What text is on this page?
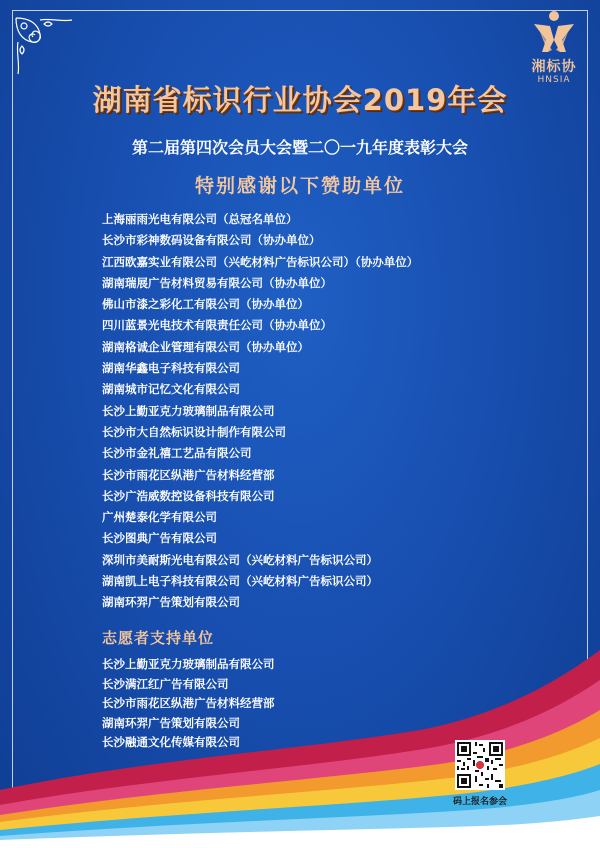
湘标协
HNSIA
湖南省标识行业协会2019年会
第二届第四次会员大会暨二〇一九年度表彰大会
特别感谢以下赞助单位
上海丽雨光电有限公司（总冠名单位）
长沙市彩神数码设备有限公司（协办单位）
江西欧嘉实业有限公司（兴屹材料广告标识公司）（协办单位）
湖南瑞展广告材料贸易有限公司（协办单位）
佛山市漆之彩化工有限公司（协办单位）
四川蓝景光电技术有限责任公司（协办单位）
湖南格诚企业管理有限公司（协办单位）
湖南华鑫电子科技有限公司
湖南城市记忆文化有限公司
长沙上勤亚克力玻璃制品有限公司
长沙市大自然标识设计制作有限公司
长沙市金礼禧工艺品有限公司
长沙市雨花区纵港广告材料经营部
长沙广浩威数控设备科技有限公司
广州楚泰化学有限公司
长沙图典广告有限公司
深圳市美耐斯光电有限公司（兴屹材料广告标识公司）
湖南凯上电子科技有限公司（兴屹材料广告标识公司）
湖南环羿广告策划有限公司
志愿者支持单位
长沙上勤亚克力玻璃制品有限公司
长沙满江红广告有限公司
长沙市雨花区纵港广告材料经营部
湖南环羿广告策划有限公司
长沙融通文化传媒有限公司
码上报名参会
